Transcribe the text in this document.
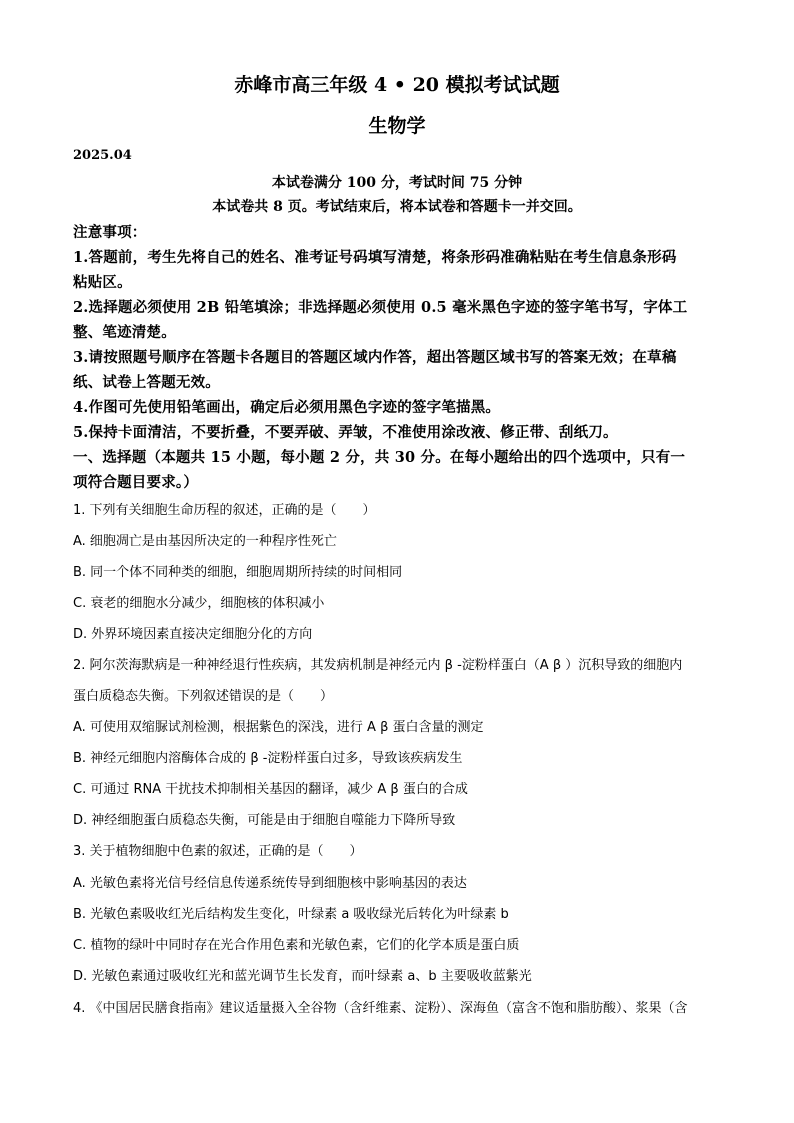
赤峰市高三年级 4 • 20 模拟考试试题
生物学
2025.04
本试卷满分 100 分，考试时间 75 分钟
本试卷共 8 页。考试结束后，将本试卷和答题卡一并交回。
注意事项：
1.答题前，考生先将自己的姓名、准考证号码填写清楚，将条形码准确粘贴在考生信息条形码
粘贴区。
2.选择题必须使用 2B 铅笔填涂；非选择题必须使用 0.5 毫米黑色字迹的签字笔书写，字体工
整、笔迹清楚。
3.请按照题号顺序在答题卡各题目的答题区域内作答，超出答题区域书写的答案无效；在草稿
纸、试卷上答题无效。
4.作图可先使用铅笔画出，确定后必须用黑色字迹的签字笔描黑。
5.保持卡面清洁，不要折叠，不要弄破、弄皱，不准使用涂改液、修正带、刮纸刀。
一、选择题（本题共 15 小题，每小题 2 分，共 30 分。在每小题给出的四个选项中，只有一
项符合题目要求。）
1. 下列有关细胞生命历程的叙述，正确的是（　　）
A. 细胞凋亡是由基因所决定的一种程序性死亡
B. 同一个体不同种类的细胞，细胞周期所持续的时间相同
C. 衰老的细胞水分减少，细胞核的体积减小
D. 外界环境因素直接决定细胞分化的方向
2. 阿尔茨海默病是一种神经退行性疾病，其发病机制是神经元内 β -淀粉样蛋白（A β ）沉积导致的细胞内
蛋白质稳态失衡。下列叙述错误的是（　　）
A. 可使用双缩脲试剂检测，根据紫色的深浅，进行 A β 蛋白含量的测定
B. 神经元细胞内溶酶体合成的 β -淀粉样蛋白过多，导致该疾病发生
C. 可通过 RNA 干扰技术抑制相关基因的翻译，减少 A β 蛋白的合成
D. 神经细胞蛋白质稳态失衡，可能是由于细胞自噬能力下降所导致
3. 关于植物细胞中色素的叙述，正确的是（　　）
A. 光敏色素将光信号经信息传递系统传导到细胞核中影响基因的表达
B. 光敏色素吸收红光后结构发生变化，叶绿素 a 吸收绿光后转化为叶绿素 b
C. 植物的绿叶中同时存在光合作用色素和光敏色素，它们的化学本质是蛋白质
D. 光敏色素通过吸收红光和蓝光调节生长发育，而叶绿素 a、b 主要吸收蓝紫光
4. 《中国居民膳食指南》建议适量摄入全谷物（含纤维素、淀粉）、深海鱼（富含不饱和脂肪酸）、浆果（含
